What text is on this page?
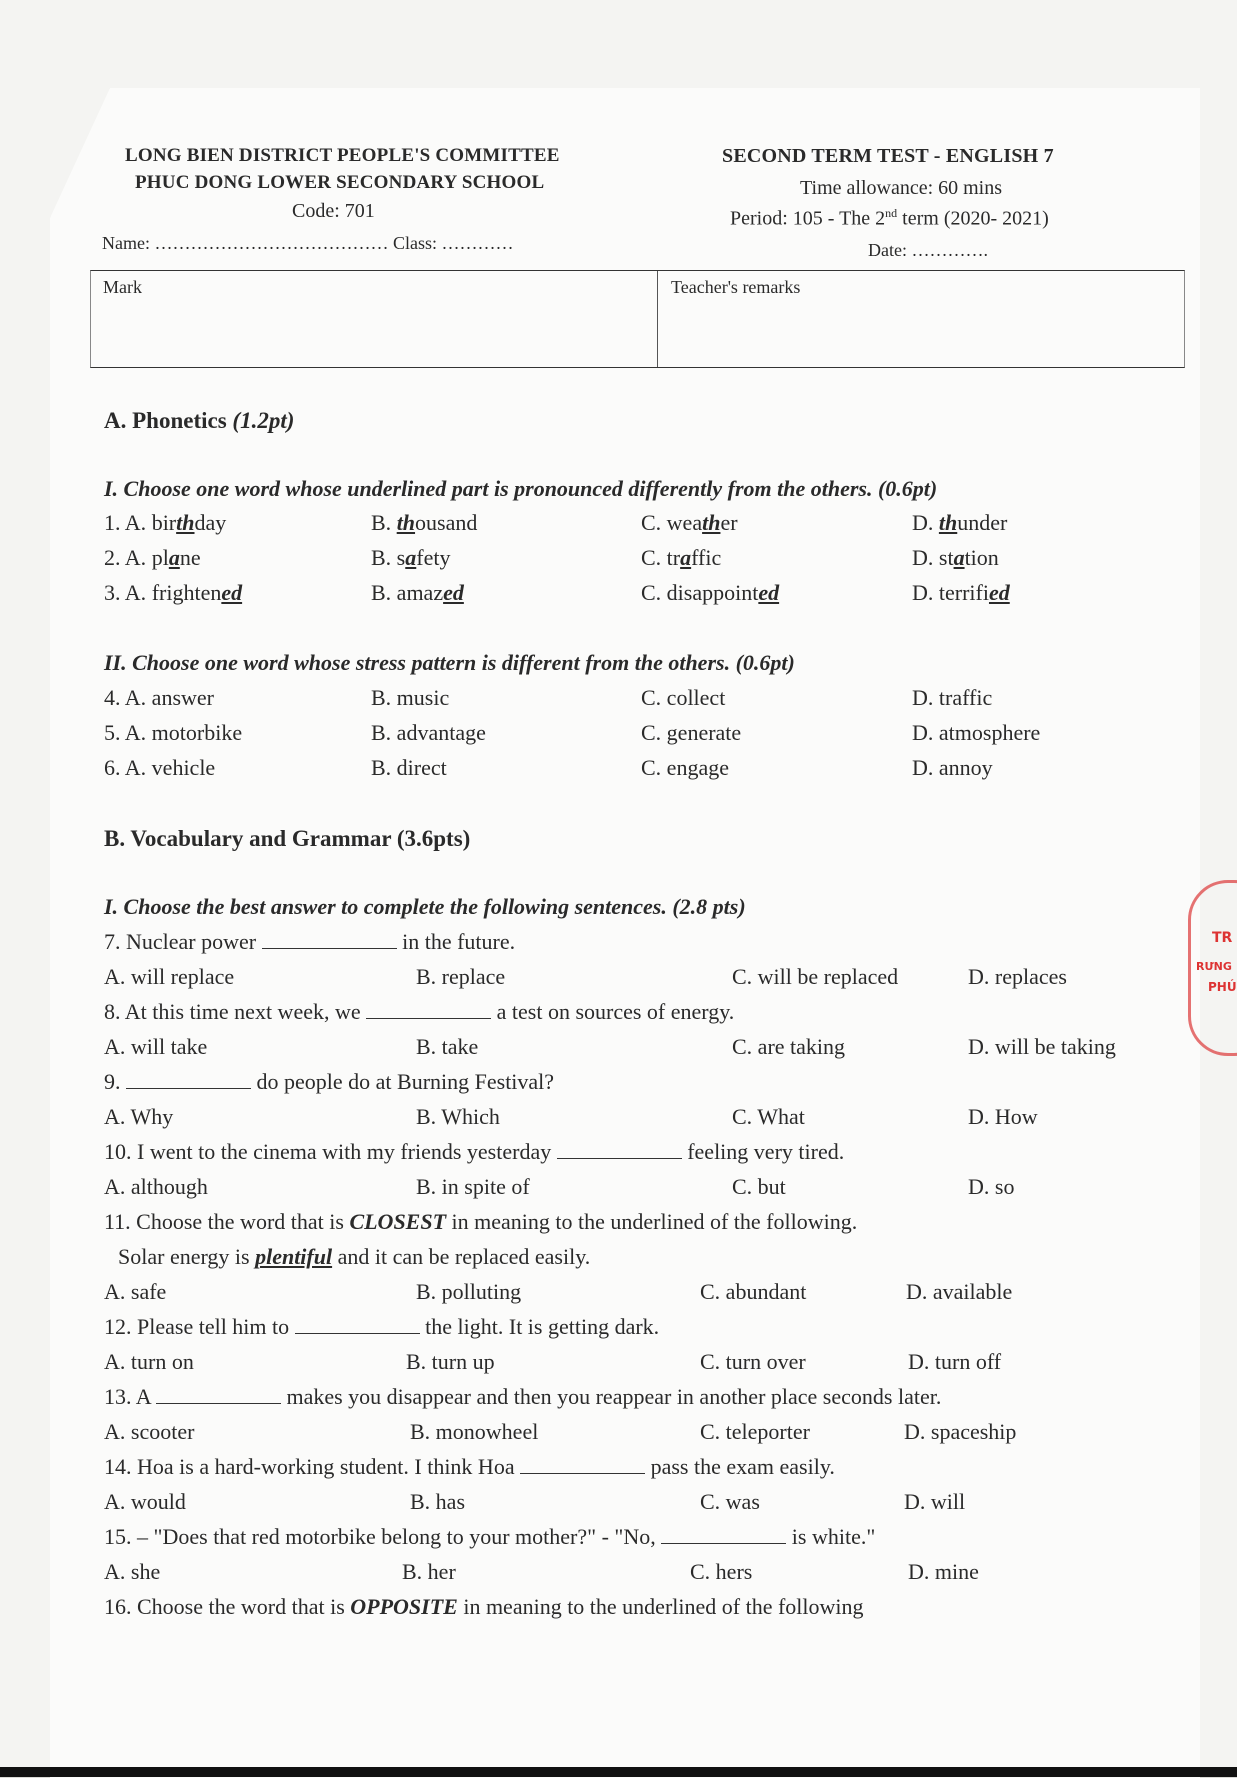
LONG BIEN DISTRICT PEOPLE'S COMMITTEE
PHUC DONG LOWER SECONDARY SCHOOL
Code: 701
Name: ………………………………… Class: …………
SECOND TERM TEST - ENGLISH 7
Time allowance: 60 mins
Period: 105 - The 2nd term (2020- 2021)
Date: ………….
Mark	Teacher's remarks
A. Phonetics (1.2pt)
I. Choose one word whose underlined part is pronounced differently from the others. (0.6pt)
1. A. birthday	B. thousand	C. weather	D. thunder
2. A. plane	B. safety	C. traffic	D. station
3. A. frightened	B. amazed	C. disappointed	D. terrified
II. Choose one word whose stress pattern is different from the others. (0.6pt)
4. A. answer	B. music	C. collect	D. traffic
5. A. motorbike	B. advantage	C. generate	D. atmosphere
6. A. vehicle	B. direct	C. engage	D. annoy
B. Vocabulary and Grammar (3.6pts)
I. Choose the best answer to complete the following sentences. (2.8 pts)
7. Nuclear power	in the future.
A. will replace	B. replace	C. will be replaced	D. replaces
8. At this time next week, we	a test on sources of energy.
A. will take	B. take	C. are taking	D. will be taking
9.	do people do at Burning Festival?
A. Why	B. Which	C. What	D. How
10. I went to the cinema with my friends yesterday	feeling very tired.
A. although	B. in spite of	C. but	D. so
11. Choose the word that is CLOSEST in meaning to the underlined of the following.
Solar energy is plentiful and it can be replaced easily.
A. safe	B. polluting	C. abundant	D. available
12. Please tell him to	the light. It is getting dark.
A. turn on	B. turn up	C. turn over	D. turn off
13. A	makes you disappear and then you reappear in another place seconds later.
A. scooter	B. monowheel	C. teleporter	D. spaceship
14. Hoa is a hard-working student. I think Hoa	pass the exam easily.
A. would	B. has	C. was	D. will
15. – "Does that red motorbike belong to your mother?" - "No,	is white."
A. she	B. her	C. hers	D. mine
16. Choose the word that is OPPOSITE in meaning to the underlined of the following
TR
RƯNG
PHÚ
